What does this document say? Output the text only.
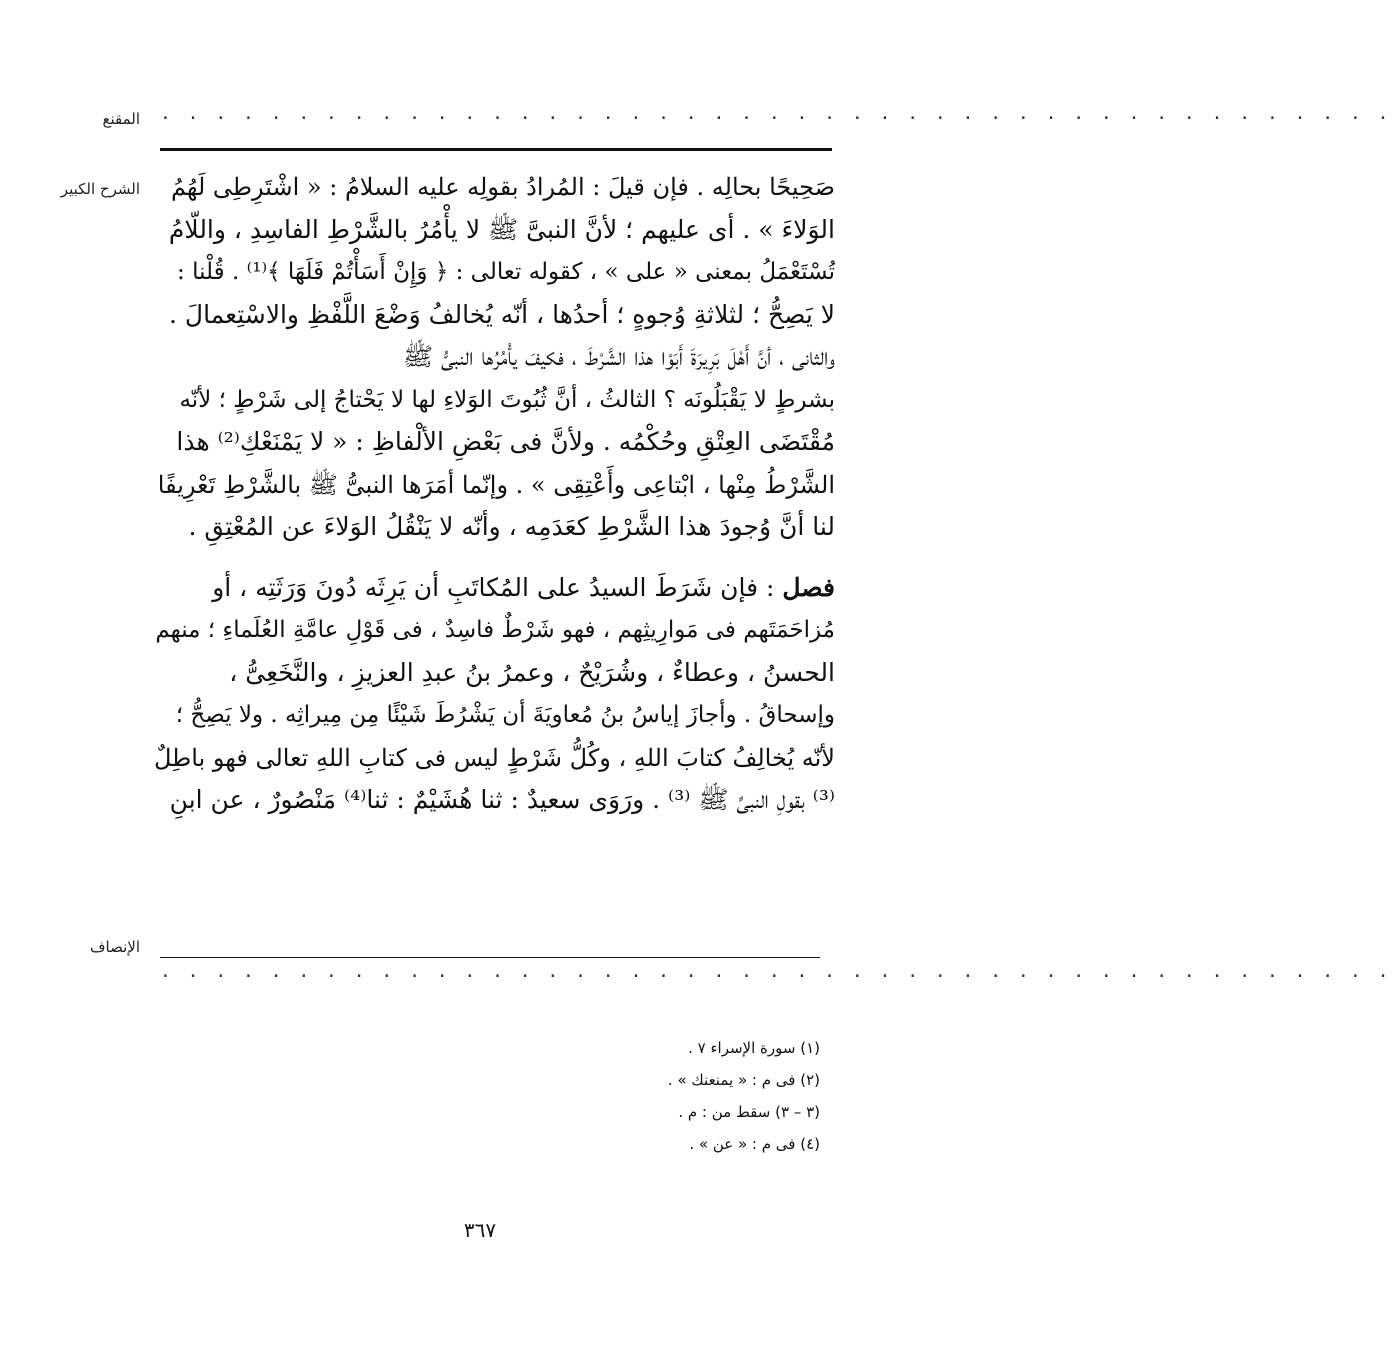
المقنع · · · · · · · · · · · · · · · · · · · · · · · · · · · · · · · · · · · · · · · · · · · · ·
الشرح الكبير	صَحِيحًا بحالِه . فإن قيلَ : المُرادُ بقولِه عليه السلامُ : « اشْتَرِطِى لَهُمُ
الوَلاءَ » . أى عليهم ؛ لأنَّ النبىَّ ﷺ لا يأْمُرُ بالشَّرْطِ الفاسِدِ ، واللّامُ
تُسْتَعْمَلُ بمعنى « على » ، كقوله تعالى : ﴿ وَإِنْ أَسَأْتُمْ فَلَهَا ﴾⁽¹⁾ . قُلْنا :
لا يَصِحُّ ؛ لثلاثةِ وُجوهٍ ؛ أحدُها ، أنّه يُخالفُ وَضْعَ اللَّفْظِ والاسْتِعمالَ .
والثانى ، أنَّ أَهْلَ بَرِيرَةَ أَبَوْا هذا الشَّرْطَ ، فكيفَ يأْمُرُها النبىُّ ﷺ
بشرطٍ لا يَقْبَلُونَه ؟ الثالثُ ، أنَّ ثُبُوتَ الوَلاءِ لها لا يَحْتاجُ إلى شَرْطٍ ؛ لأنّه
مُقْتَضَى العِتْقِ وحُكْمُه . ولأنَّ فى بَعْضِ الألْفاظِ : « لا يَمْنَعْكِ⁽²⁾ هذا
الشَّرْطُ مِنْها ، ابْتاعِى وأَعْتِقِى » . وإنّما أمَرَها النبىُّ ﷺ بالشَّرْطِ تَعْرِيفًا
لنا أنَّ وُجودَ هذا الشَّرْطِ كعَدَمِه ، وأنّه لا يَنْقُلُ الوَلاءَ عن المُعْتِقِ .
فصل : فإن شَرَطَ السيدُ على المُكاتَبِ أن يَرِثَه دُونَ وَرَثَتِه ، أو
مُزاحَمَتَهم فى مَوارِيثِهم ، فهو شَرْطٌ فاسِدٌ ، فى قَوْلِ عامَّةِ العُلَماءِ ؛ منهم
الحسنُ ، وعطاءٌ ، وشُرَيْحٌ ، وعمرُ بنُ عبدِ العزيزِ ، والنَّخَعِىُّ ،
وإسحاقُ . وأجازَ إياسُ بنُ مُعاويَةَ أن يَشْرُطَ شَيْئًا مِن مِيراثِه . ولا يَصِحُّ ؛
لأنّه يُخالِفُ كتابَ اللهِ ، وكُلُّ شَرْطٍ ليس فى كتابِ اللهِ تعالى فهو باطِلٌ
⁽³⁾ بقولِ النبىِّ ﷺ ⁽³⁾ . ورَوَى سعيدٌ : ثنا هُشَيْمٌ : ثنا⁽⁴⁾ مَنْصُورٌ ، عن ابنِ
الإنصاف
· · · · · · · · · · · · · · · · · · · · · · · · · · · · · · · · · · · · · · · · · · · · ·
(١) سورة الإسراء ٧ .
(٢) فى م : « يمنعنك » .
(٣ – ٣) سقط من : م .
(٤) فى م : « عن » .
٣٦٧
